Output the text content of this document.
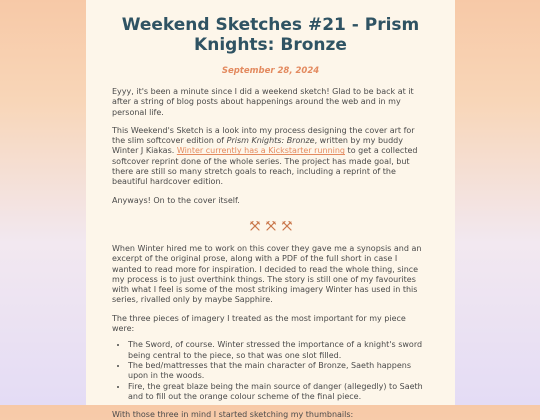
Weekend Sketches #21 - Prism Knights: Bronze
September 28, 2024

Eyyy, it's been a minute since I did a weekend sketch! Glad to be back at it after a string of blog posts about happenings around the web and in my personal life.

This Weekend's Sketch is a look into my process designing the cover art for the slim softcover edition of Prism Knights: Bronze, written by my buddy Winter J Kiakas. Winter currently has a Kickstarter running to get a collected softcover reprint done of the whole series. The project has made goal, but there are still so many stretch goals to reach, including a reprint of the beautiful hardcover edition.

Anyways! On to the cover itself.

When Winter hired me to work on this cover they gave me a synopsis and an excerpt of the original prose, along with a PDF of the full short in case I wanted to read more for inspiration. I decided to read the whole thing, since my process is to just overthink things. The story is still one of my favourites with what I feel is some of the most striking imagery Winter has used in this series, rivalled only by maybe Sapphire.

The three pieces of imagery I treated as the most important for my piece were:

• The Sword, of course. Winter stressed the importance of a knight's sword being central to the piece, so that was one slot filled.
• The bed/mattresses that the main character of Bronze, Saeth happens upon in the woods.
• Fire, the great blaze being the main source of danger (allegedly) to Saeth and to fill out the orange colour scheme of the final piece.

With those three in mind I started sketching my thumbnails:
